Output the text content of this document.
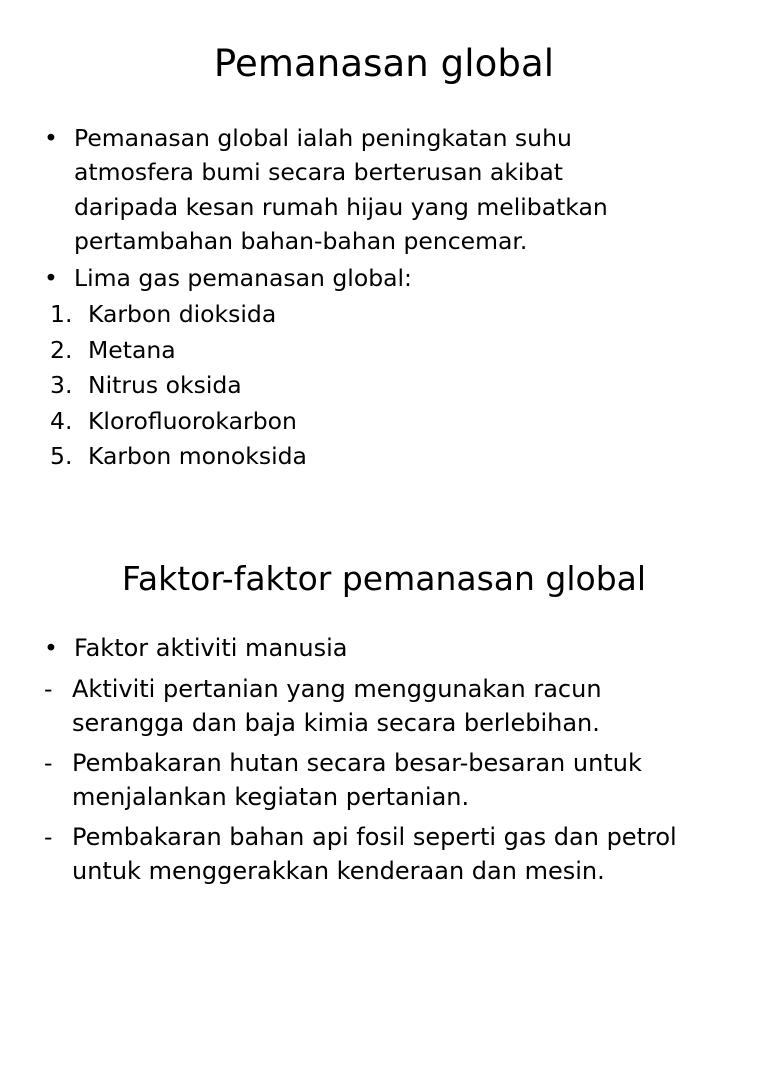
Pemanasan global
• Pemanasan global ialah peningkatan suhu
atmosfera bumi secara berterusan akibat
daripada kesan rumah hijau yang melibatkan
pertambahan bahan-bahan pencemar.
• Lima gas pemanasan global:
1. Karbon dioksida
2. Metana
3. Nitrus oksida
4. Klorofluorokarbon
5. Karbon monoksida
Faktor-faktor pemanasan global
• Faktor aktiviti manusia
- Aktiviti pertanian yang menggunakan racun serangga dan baja kimia secara berlebihan.
- Pembakaran hutan secara besar-besaran untuk menjalankan kegiatan pertanian.
- Pembakaran bahan api fosil seperti gas dan petrol untuk menggerakkan kenderaan dan mesin.
